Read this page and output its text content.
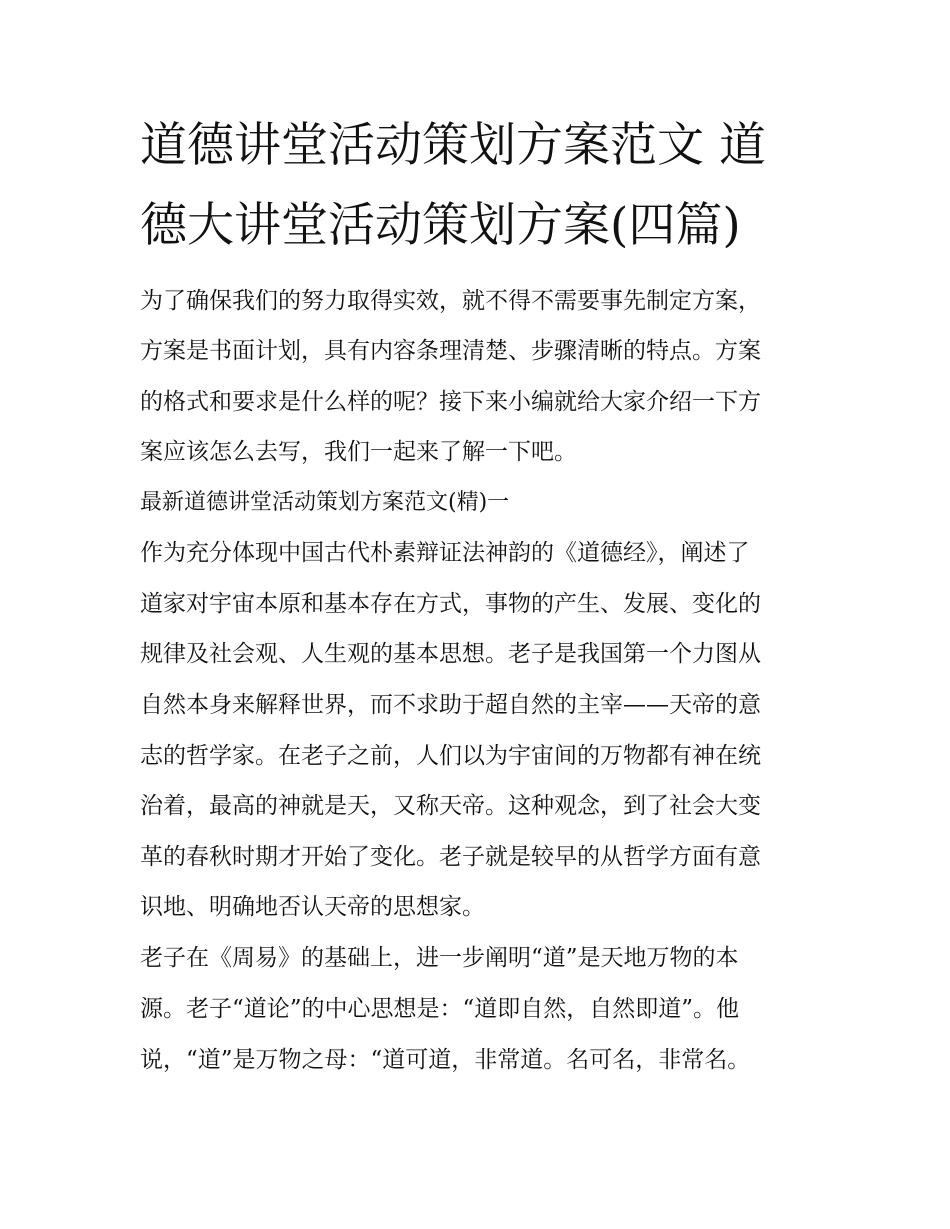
道德讲堂活动策划方案范文 道
德大讲堂活动策划方案(四篇)
为了确保我们的努力取得实效，就不得不需要事先制定方案，
方案是书面计划，具有内容条理清楚、步骤清晰的特点。方案
的格式和要求是什么样的呢？接下来小编就给大家介绍一下方
案应该怎么去写，我们一起来了解一下吧。
最新道德讲堂活动策划方案范文(精)一
作为充分体现中国古代朴素辩证法神韵的《道德经》，阐述了
道家对宇宙本原和基本存在方式，事物的产生、发展、变化的
规律及社会观、人生观的基本思想。老子是我国第一个力图从
自然本身来解释世界，而不求助于超自然的主宰——天帝的意
志的哲学家。在老子之前，人们以为宇宙间的万物都有神在统
治着，最高的神就是天，又称天帝。这种观念，到了社会大变
革的春秋时期才开始了变化。老子就是较早的从哲学方面有意
识地、明确地否认天帝的思想家。
老子在《周易》的基础上，进一步阐明“道”是天地万物的本
源。老子“道论”的中心思想是：“道即自然，自然即道”。他
说，“道”是万物之母：“道可道，非常道。名可名，非常名。
